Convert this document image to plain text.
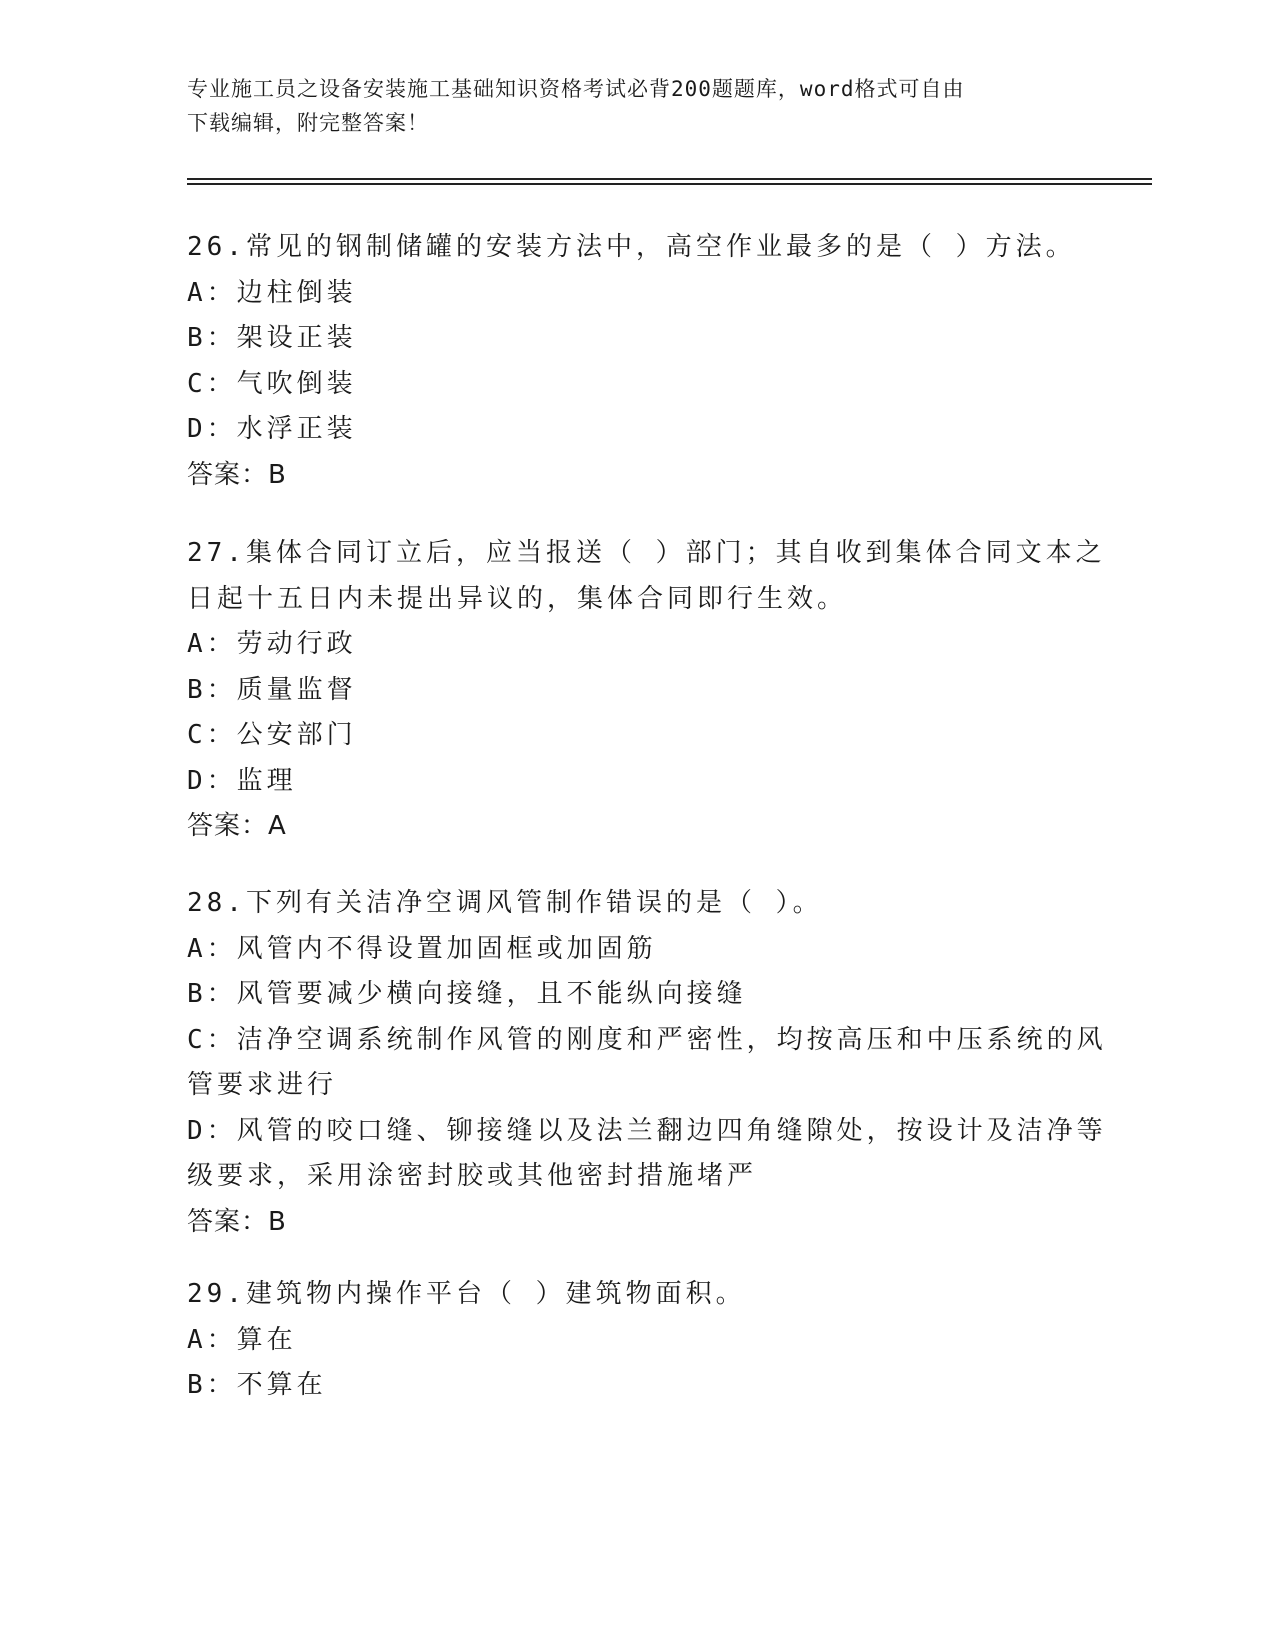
专业施工员之设备安装施工基础知识资格考试必背200题题库，word格式可自由
下载编辑，附完整答案！
26.常见的钢制储罐的安装方法中，高空作业最多的是（ ）方法。
A：边柱倒装
B：架设正装
C：气吹倒装
D：水浮正装
答案：B
27.集体合同订立后，应当报送（ ）部门；其自收到集体合同文本之
日起十五日内未提出异议的，集体合同即行生效。
A：劳动行政
B：质量监督
C：公安部门
D：监理
答案：A
28.下列有关洁净空调风管制作错误的是（ ）。
A：风管内不得设置加固框或加固筋
B：风管要减少横向接缝，且不能纵向接缝
C：洁净空调系统制作风管的刚度和严密性，均按高压和中压系统的风
管要求进行
D：风管的咬口缝、铆接缝以及法兰翻边四角缝隙处，按设计及洁净等
级要求，采用涂密封胶或其他密封措施堵严
答案：B
29.建筑物内操作平台（ ）建筑物面积。
A：算在
B：不算在
